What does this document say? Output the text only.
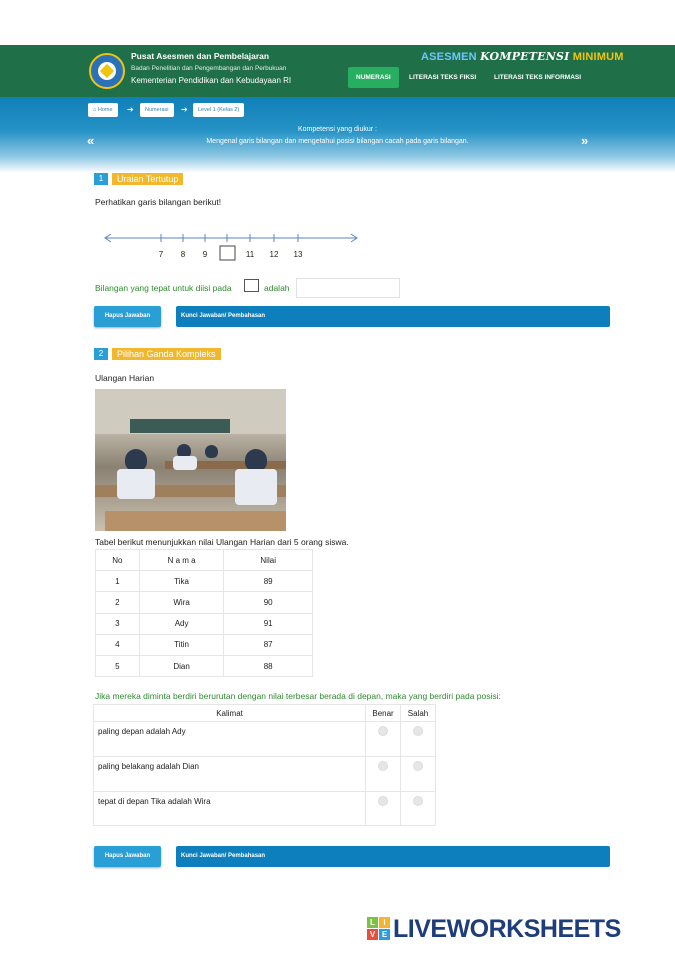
Pusat Asesmen dan Pembelajaran
Badan Penelitian dan Pengembangan dan Perbukuan
Kementerian Pendidikan dan Kebudayaan RI
ASESMEN KOMPETENSI MINIMUM
NUMERASI	LITERASI TEKS FIKSI	LITERASI TEKS INFORMASI
⌂ Home	➔	Numerasi	➔	Level 1 (Kelas 2)
«
Kompetensi yang diukur :
Mengenal garis bilangan dan mengetahui posisi bilangan cacah pada garis bilangan.	»
1	Uraian Tertutup
Perhatikan garis bilangan berikut!
7 8 9	11 12 13
Bilangan yang tepat untuk diisi pada	adalah
Hapus Jawaban	Kunci Jawaban/ Pembahasan
2	Pilihan Ganda Kompleks
Ulangan Harian
Tabel berikut menunjukkan nilai Ulangan Harian dari 5 orang siswa.
No	N a m a	Nilai
1	Tika	89
2	Wira	90
3	Ady	91
4	Titin	87
5	Dian	88
Jika mereka diminta berdiri berurutan dengan nilai terbesar berada di depan, maka yang berdiri pada posisi:
Kalimat	Benar	Salah
paling depan adalah Ady		
paling belakang adalah Dian		
tepat di depan Tika adalah Wira		
Hapus Jawaban	Kunci Jawaban/ Pembahasan
L	I
V E LIVEWORKSHEETS
